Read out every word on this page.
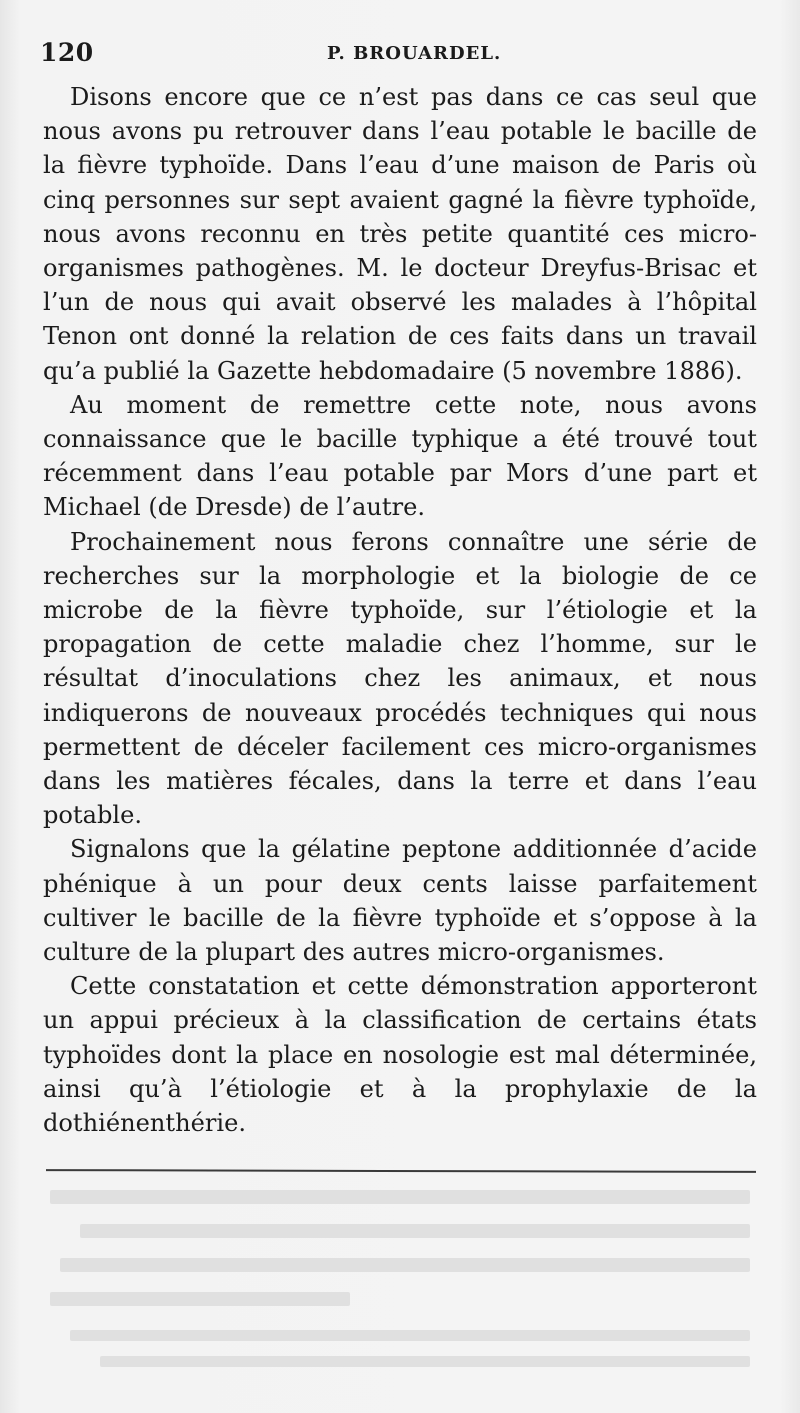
120	P. BROUARDEL.

Disons encore que ce n’est pas dans ce cas seul que nous avons pu retrouver dans l’eau potable le bacille de la fièvre typhoïde. Dans l’eau d’une maison de Paris où cinq personnes sur sept avaient gagné la fièvre typhoïde, nous avons reconnu en très petite quantité ces micro-organismes pathogènes. M. le docteur Dreyfus-Brisac et l’un de nous qui avait observé les malades à l’hôpital Tenon ont donné la relation de ces faits dans un travail qu’a publié la Gazette hebdomadaire (5 novembre 1886).

Au moment de remettre cette note, nous avons connaissance que le bacille typhique a été trouvé tout récemment dans l’eau potable par Mors d’une part et Michael (de Dresde) de l’autre.

Prochainement nous ferons connaître une série de recherches sur la morphologie et la biologie de ce microbe de la fièvre typhoïde, sur l’étiologie et la propagation de cette maladie chez l’homme, sur le résultat d’inoculations chez les animaux, et nous indiquerons de nouveaux procédés techniques qui nous permettent de déceler facilement ces micro-organismes dans les matières fécales, dans la terre et dans l’eau potable.

Signalons que la gélatine peptone additionnée d’acide phénique à un pour deux cents laisse parfaitement cultiver le bacille de la fièvre typhoïde et s’oppose à la culture de la plupart des autres micro-organismes.

Cette constatation et cette démonstration apporteront un appui précieux à la classification de certains états typhoïdes dont la place en nosologie est mal déterminée, ainsi qu’à l’étiologie et à la prophylaxie de la dothiénenthérie.
